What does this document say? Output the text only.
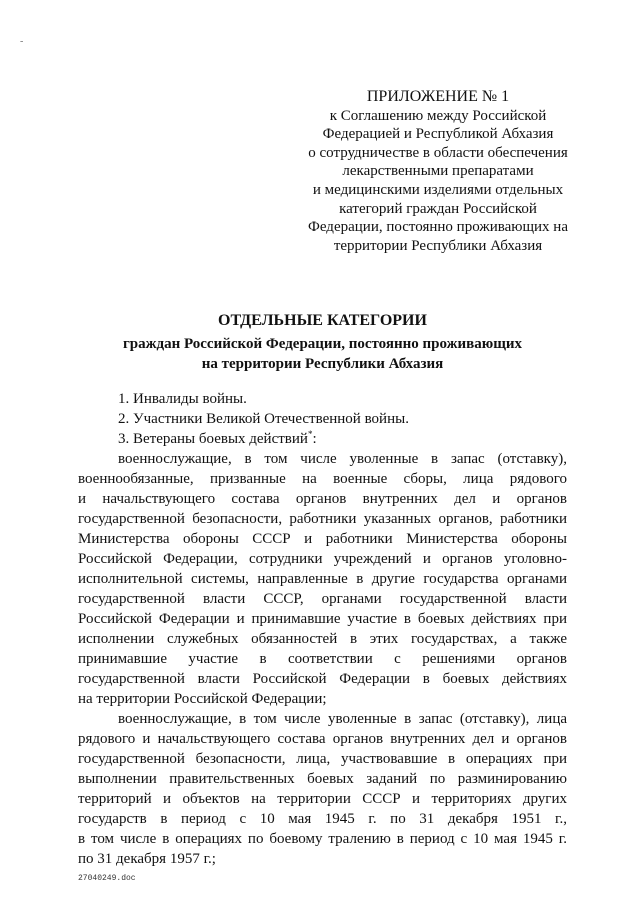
-
ПРИЛОЖЕНИЕ № 1
к Соглашению между Российской
Федерацией и Республикой Абхазия
о сотрудничестве в области обеспечения
лекарственными препаратами
и медицинскими изделиями отдельных
категорий граждан Российской
Федерации, постоянно проживающих на
территории Республики Абхазия
ОТДЕЛЬНЫЕ КАТЕГОРИИ
граждан Российской Федерации, постоянно проживающих
на территории Республики Абхазия
1. Инвалиды войны.
2. Участники Великой Отечественной войны.
3. Ветераны боевых действий*:
военнослужащие, в том числе уволенные в запас (отставку),
военнообязанные, призванные на военные сборы, лица рядового
и начальствующего состава органов внутренних дел и органов
государственной безопасности, работники указанных органов, работники
Министерства обороны СССР и работники Министерства обороны
Российской Федерации, сотрудники учреждений и органов уголовно-
исполнительной системы, направленные в другие государства органами
государственной власти СССР, органами государственной власти
Российской Федерации и принимавшие участие в боевых действиях при
исполнении служебных обязанностей в этих государствах, а также
принимавшие участие в соответствии с решениями органов
государственной власти Российской Федерации в боевых действиях
на территории Российской Федерации;
военнослужащие, в том числе уволенные в запас (отставку), лица
рядового и начальствующего состава органов внутренних дел и органов
государственной безопасности, лица, участвовавшие в операциях при
выполнении правительственных боевых заданий по разминированию
территорий и объектов на территории СССР и территориях других
государств в период с 10 мая 1945 г. по 31 декабря 1951 г.,
в том числе в операциях по боевому тралению в период с 10 мая 1945 г.
по 31 декабря 1957 г.;
27040249.doc
